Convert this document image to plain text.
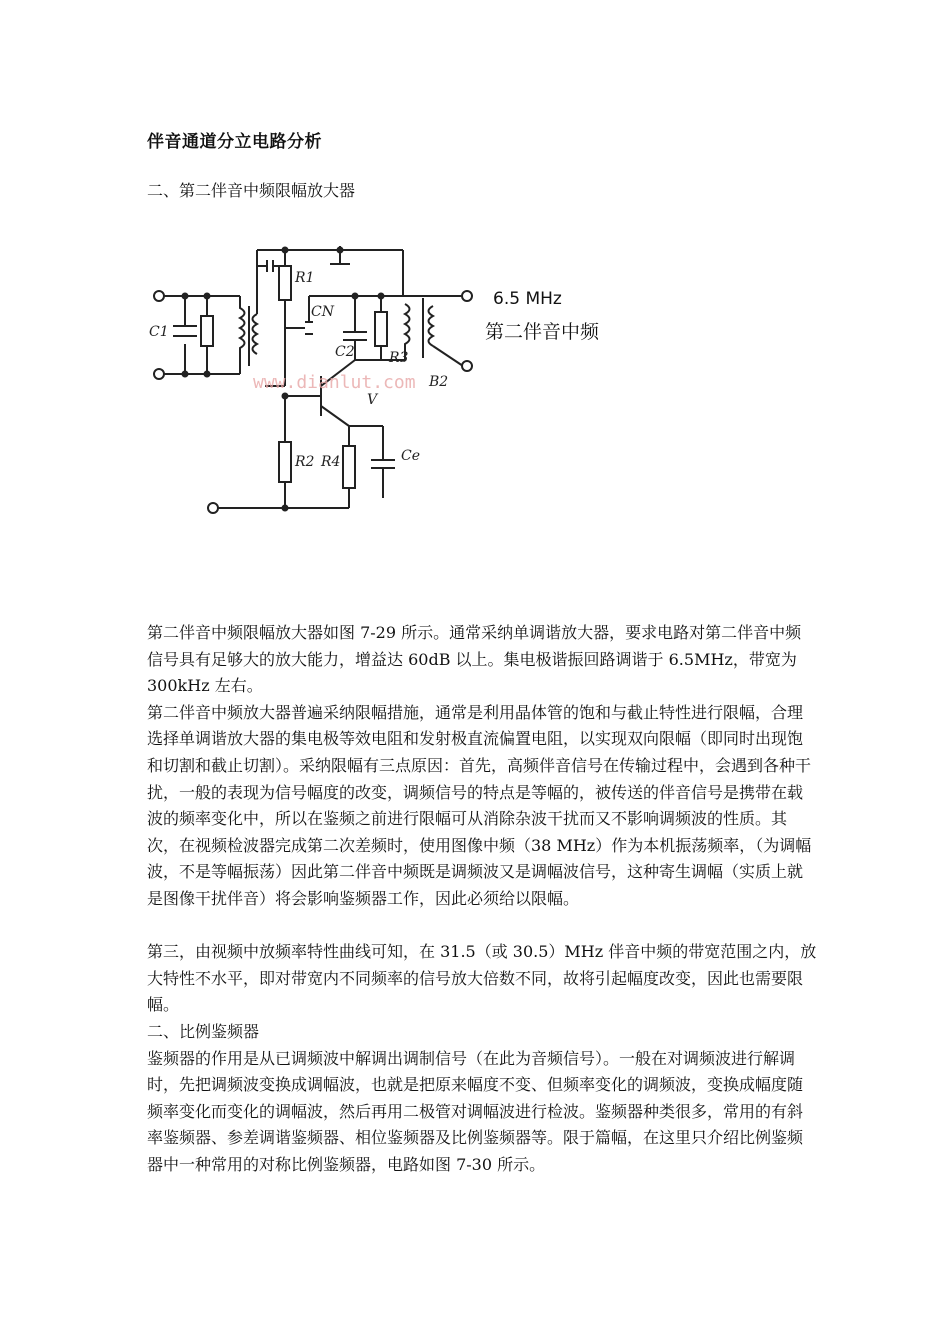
伴音通道分立电路分析
二、第二伴音中频限幅放大器
C1
R1
CN
C2 R3
B2
V
R2 R4	Ce
6.5 MHz
第二伴音中频
www.dianlut.com

第二伴音中频限幅放大器如图 7-29 所示。通常采纳单调谐放大器，要求电路对第二伴音中频信号具有足够大的放大能力，增益达 60dB 以上。集电极谐振回路调谐于 6.5MHz，带宽为 300kHz 左右。

第二伴音中频放大器普遍采纳限幅措施，通常是利用晶体管的饱和与截止特性进行限幅，合理选择单调谐放大器的集电极等效电阻和发射极直流偏置电阻，以实现双向限幅（即同时出现饱和切割和截止切割）。采纳限幅有三点原因：首先，高频伴音信号在传输过程中，会遇到各种干扰，一般的表现为信号幅度的改变，调频信号的特点是等幅的，被传送的伴音信号是携带在载波的频率变化中，所以在鉴频之前进行限幅可从消除杂波干扰而又不影响调频波的性质。其次，在视频检波器完成第二次差频时，使用图像中频（38 MHz）作为本机振荡频率，（为调幅波，不是等幅振荡）因此第二伴音中频既是调频波又是调幅波信号，这种寄生调幅（实质上就是图像干扰伴音）将会影响鉴频器工作，因此必须给以限幅。

第三，由视频中放频率特性曲线可知，在 31.5（或 30.5）MHz 伴音中频的带宽范围之内，放大特性不水平，即对带宽内不同频率的信号放大倍数不同，故将引起幅度改变，因此也需要限幅。

二、比例鉴频器

鉴频器的作用是从已调频波中解调出调制信号（在此为音频信号）。一般在对调频波进行解调时，先把调频波变换成调幅波，也就是把原来幅度不变、但频率变化的调频波，变换成幅度随频率变化而变化的调幅波，然后再用二极管对调幅波进行检波。鉴频器种类很多，常用的有斜率鉴频器、参差调谐鉴频器、相位鉴频器及比例鉴频器等。限于篇幅，在这里只介绍比例鉴频器中一种常用的对称比例鉴频器，电路如图 7-30 所示。
